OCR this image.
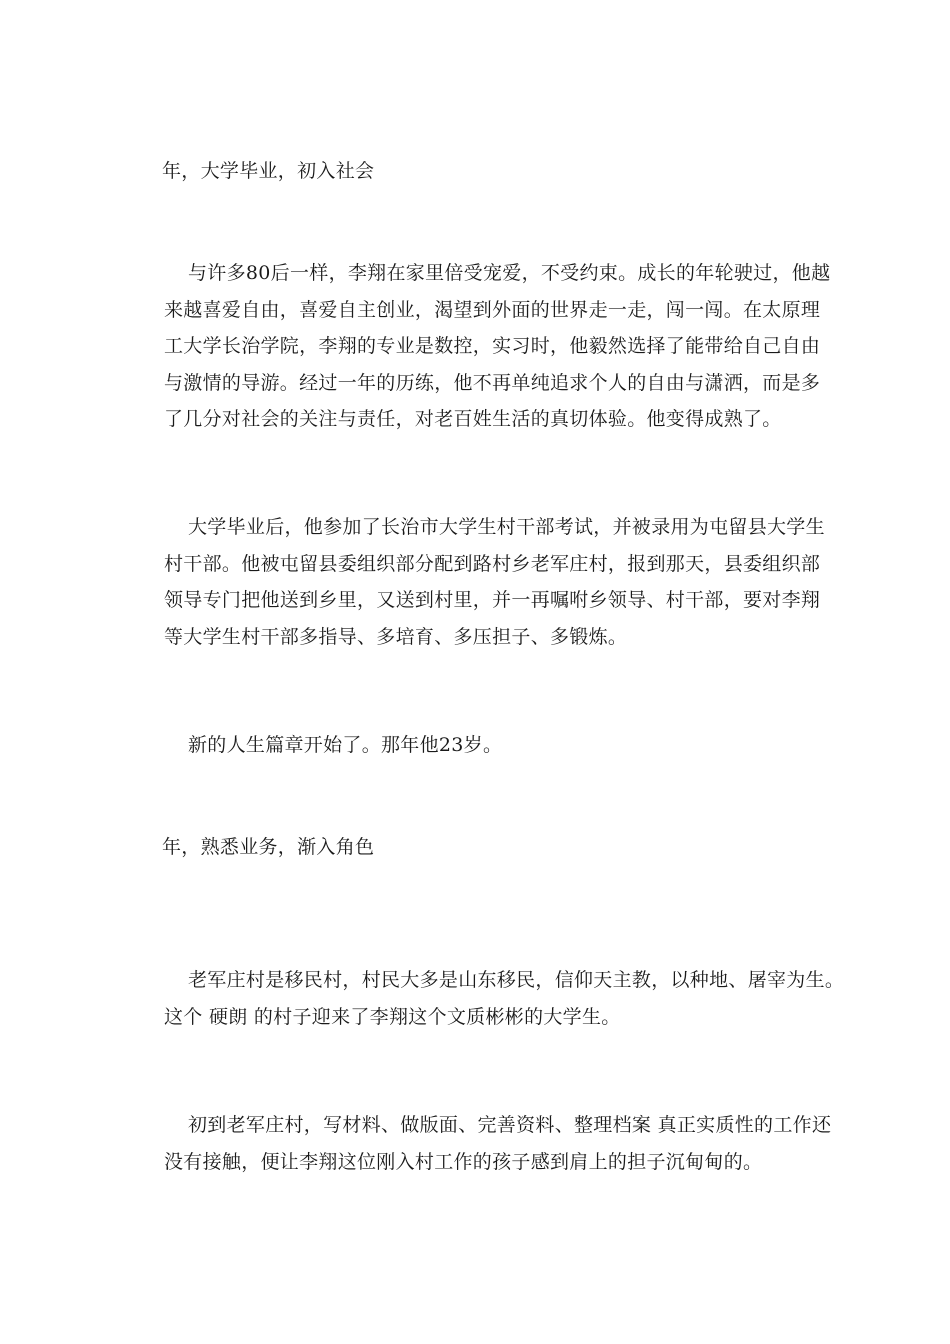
年，大学毕业，初入社会

与许多80后一样，李翔在家里倍受宠爱，不受约束。成长的年轮驶过，他越
来越喜爱自由，喜爱自主创业，渴望到外面的世界走一走，闯一闯。在太原理
工大学长治学院，李翔的专业是数控，实习时，他毅然选择了能带给自己自由
与激情的导游。经过一年的历练，他不再单纯追求个人的自由与潇洒，而是多
了几分对社会的关注与责任，对老百姓生活的真切体验。他变得成熟了。

大学毕业后，他参加了长治市大学生村干部考试，并被录用为屯留县大学生
村干部。他被屯留县委组织部分配到路村乡老军庄村，报到那天，县委组织部
领导专门把他送到乡里，又送到村里，并一再嘱咐乡领导、村干部，要对李翔
等大学生村干部多指导、多培育、多压担子、多锻炼。

新的人生篇章开始了。那年他23岁。

年，熟悉业务，渐入角色

老军庄村是移民村，村民大多是山东移民，信仰天主教，以种地、屠宰为生。
这个 硬朗 的村子迎来了李翔这个文质彬彬的大学生。

初到老军庄村，写材料、做版面、完善资料、整理档案 真正实质性的工作还
没有接触，便让李翔这位刚入村工作的孩子感到肩上的担子沉甸甸的。
